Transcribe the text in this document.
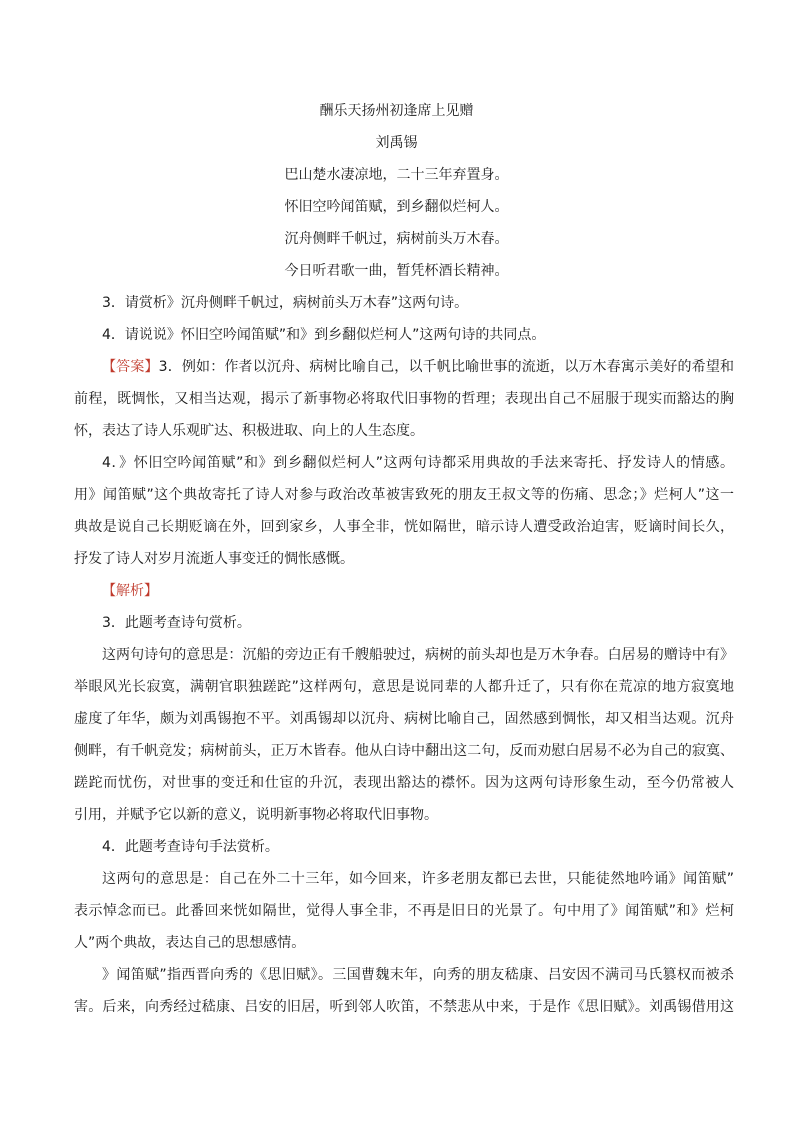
酬乐天扬州初逢席上见赠
刘禹锡
巴山楚水凄凉地，二十三年弃置身。
怀旧空吟闻笛赋，到乡翻似烂柯人。
沉舟侧畔千帆过，病树前头万木春。
今日听君歌一曲，暂凭杯酒长精神。
3．请赏析》沉舟侧畔千帆过，病树前头万木春”这两句诗。
4．请说说》怀旧空吟闻笛赋”和》到乡翻似烂柯人”这两句诗的共同点。
【答案】3．例如：作者以沉舟、病树比喻自己，以千帆比喻世事的流逝，以万木春寓示美好的希望和
前程，既惆怅，又相当达观，揭示了新事物必将取代旧事物的哲理；表现出自己不屈服于现实而豁达的胸
怀，表达了诗人乐观旷达、积极进取、向上的人生态度。
4．》怀旧空吟闻笛赋”和》到乡翻似烂柯人”这两句诗都采用典故的手法来寄托、抒发诗人的情感。
用》闻笛赋”这个典故寄托了诗人对参与政治改革被害致死的朋友王叔文等的伤痛、思念；》烂柯人”这一
典故是说自己长期贬谪在外，回到家乡，人事全非，恍如隔世，暗示诗人遭受政治迫害，贬谪时间长久，
抒发了诗人对岁月流逝人事变迁的惆怅感慨。
【解析】
3．此题考查诗句赏析。
这两句诗句的意思是：沉船的旁边正有千艘船驶过，病树的前头却也是万木争春。白居易的赠诗中有》
举眼风光长寂寞，满朝官职独蹉跎”这样两句，意思是说同辈的人都升迁了，只有你在荒凉的地方寂寞地
虚度了年华，颇为刘禹锡抱不平。刘禹锡却以沉舟、病树比喻自己，固然感到惆怅，却又相当达观。沉舟
侧畔，有千帆竞发；病树前头，正万木皆春。他从白诗中翻出这二句，反而劝慰白居易不必为自己的寂寞、
蹉跎而忧伤，对世事的变迁和仕宦的升沉，表现出豁达的襟怀。因为这两句诗形象生动，至今仍常被人
引用，并赋予它以新的意义，说明新事物必将取代旧事物。
4．此题考查诗句手法赏析。
这两句的意思是：自己在外二十三年，如今回来，许多老朋友都已去世，只能徒然地吟诵》闻笛赋”
表示悼念而已。此番回来恍如隔世，觉得人事全非，不再是旧日的光景了。句中用了》闻笛赋”和》烂柯
人”两个典故，表达自己的思想感情。
》闻笛赋”指西晋向秀的《思旧赋》。三国曹魏末年，向秀的朋友嵇康、吕安因不满司马氏篡权而被杀
害。后来，向秀经过嵇康、吕安的旧居，听到邻人吹笛，不禁悲从中来，于是作《思旧赋》。刘禹锡借用这
